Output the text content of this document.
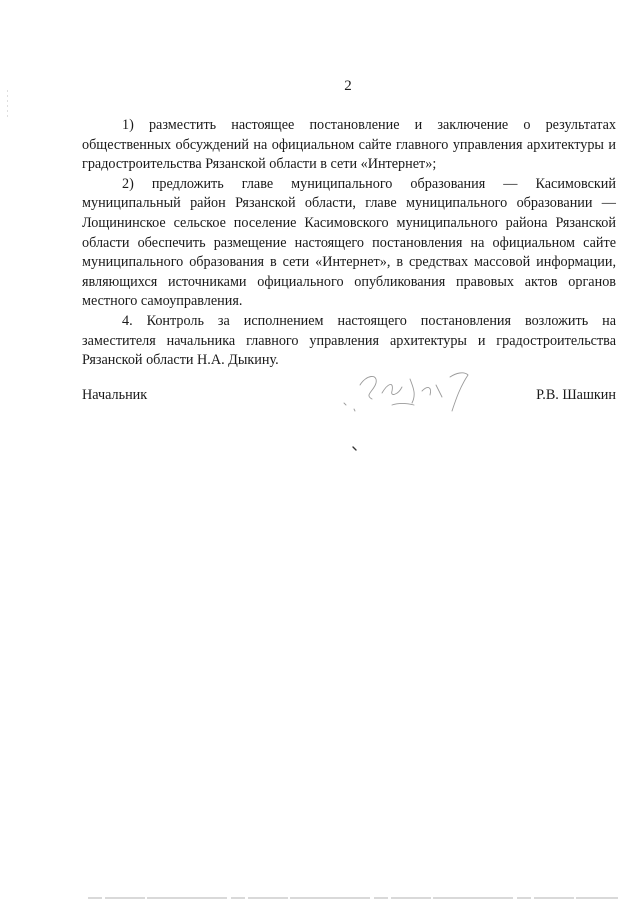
2

1) разместить настоящее постановление и заключение о результатах общественных обсуждений на официальном сайте главного управления архитектуры и градостроительства Рязанской области в сети «Интернет»;

2) предложить главе муниципального образования — Касимовский муниципальный район Рязанской области, главе муниципального образовании — Лощининское сельское поселение Касимовского муниципального района Рязанской области обеспечить размещение настоящего постановления на официальном сайте муниципального образования в сети «Интернет», в средствах массовой информации, являющихся источниками официального опубликования правовых актов органов местного самоуправления.

4. Контроль за исполнением настоящего постановления возложить на заместителя начальника главного управления архитектуры и градостроительства Рязанской области Н.А. Дыкину.

Начальник	Р.В. Шашкин
